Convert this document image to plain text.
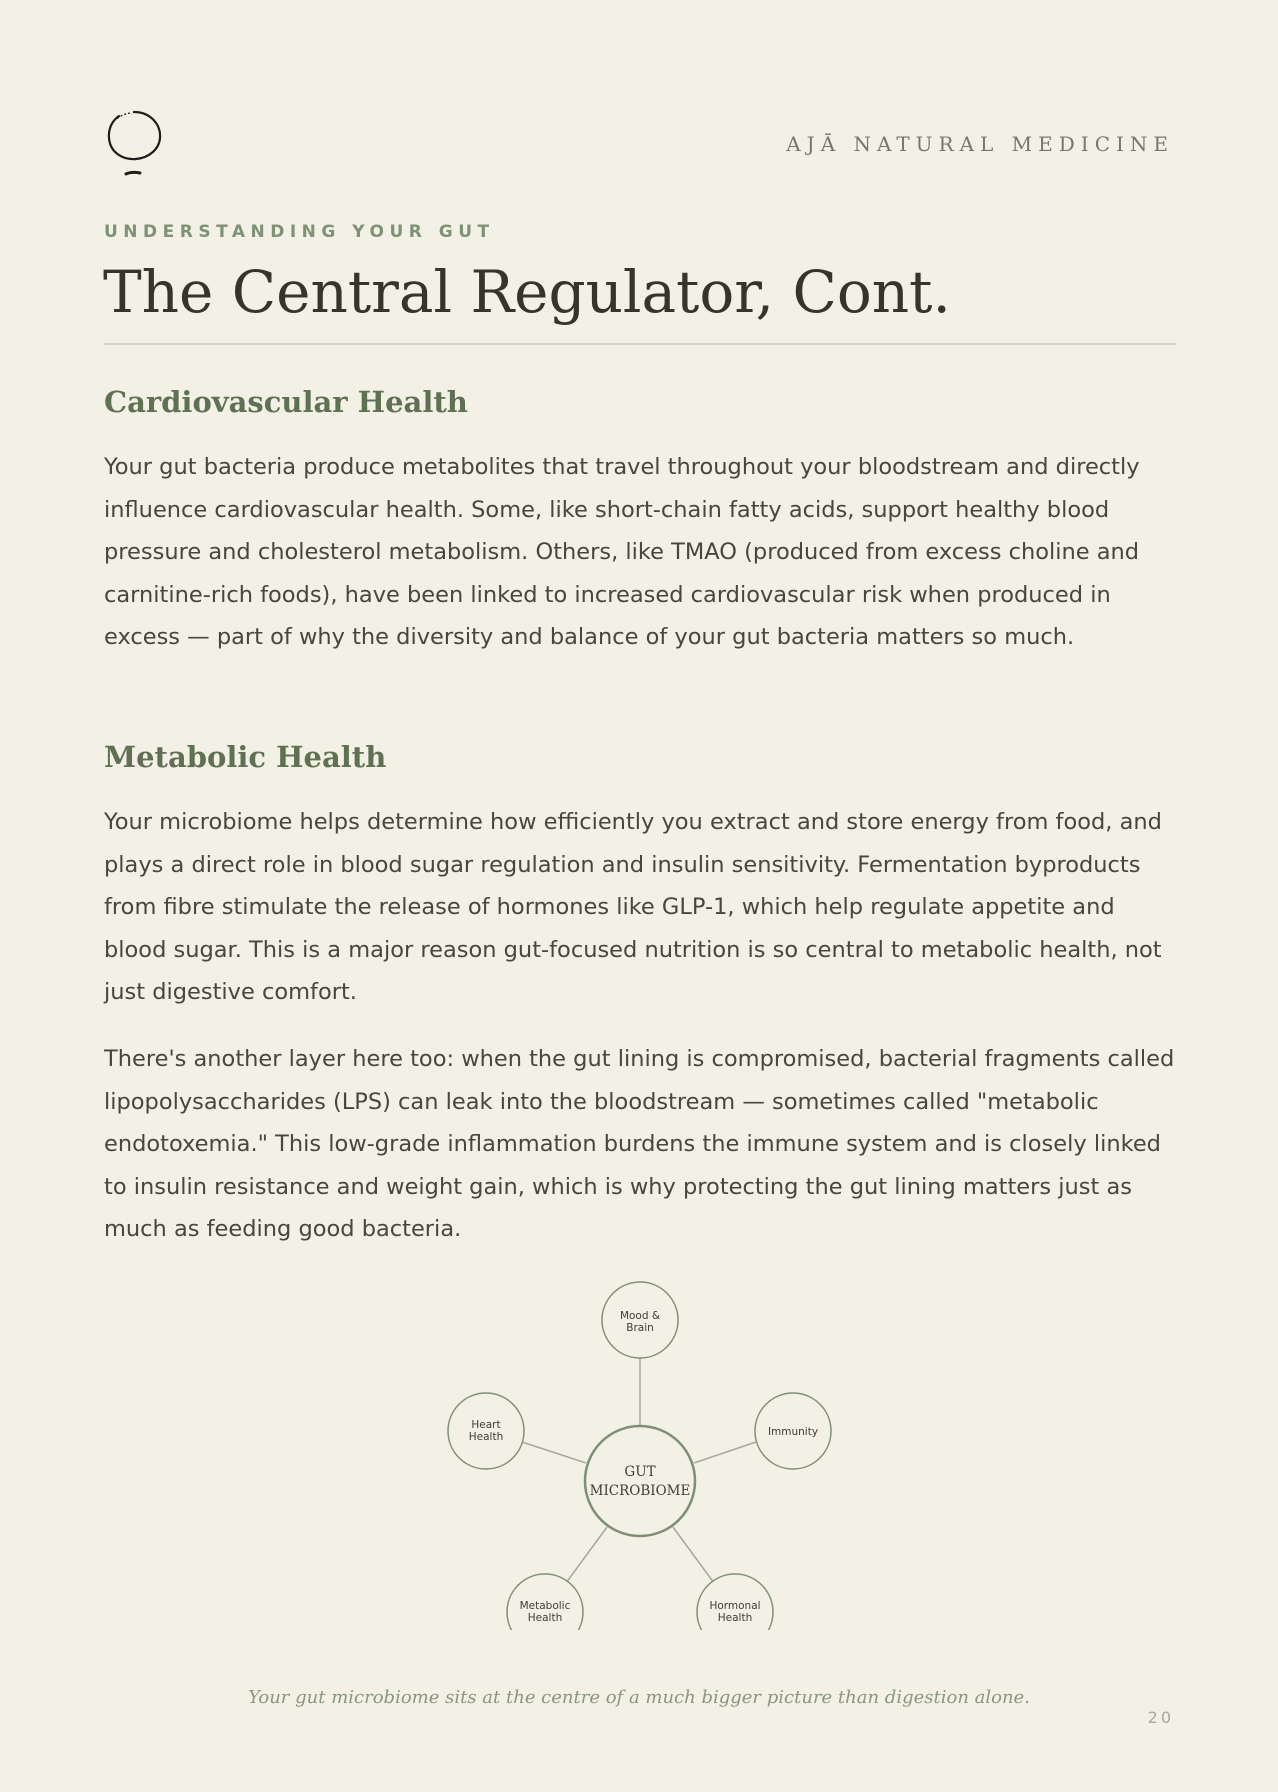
AJĀ NATURAL MEDICINE
UNDERSTANDING YOUR GUT
The Central Regulator, Cont.
Cardiovascular Health

Your gut bacteria produce metabolites that travel throughout your bloodstream and directly influence cardiovascular health. Some, like short-chain fatty acids, support healthy blood pressure and cholesterol metabolism. Others, like TMAO (produced from excess choline and carnitine-rich foods), have been linked to increased cardiovascular risk when produced in excess — part of why the diversity and balance of your gut bacteria matters so much.

Metabolic Health

Your microbiome helps determine how efficiently you extract and store energy from food, and plays a direct role in blood sugar regulation and insulin sensitivity. Fermentation byproducts from fibre stimulate the release of hormones like GLP-1, which help regulate appetite and blood sugar. This is a major reason gut-focused nutrition is so central to metabolic health, not just digestive comfort.

There's another layer here too: when the gut lining is compromised, bacterial fragments called lipopolysaccharides (LPS) can leak into the bloodstream — sometimes called "metabolic endotoxemia." This low-grade inflammation burdens the immune system and is closely linked to insulin resistance and weight gain, which is why protecting the gut lining matters just as much as feeding good bacteria.

Mood &
Brain
Immunity
Heart
Health
Metabolic
Health
Hormonal
Health
GUT
MICROBIOME
Your gut microbiome sits at the centre of a much bigger picture than digestion alone.
20
